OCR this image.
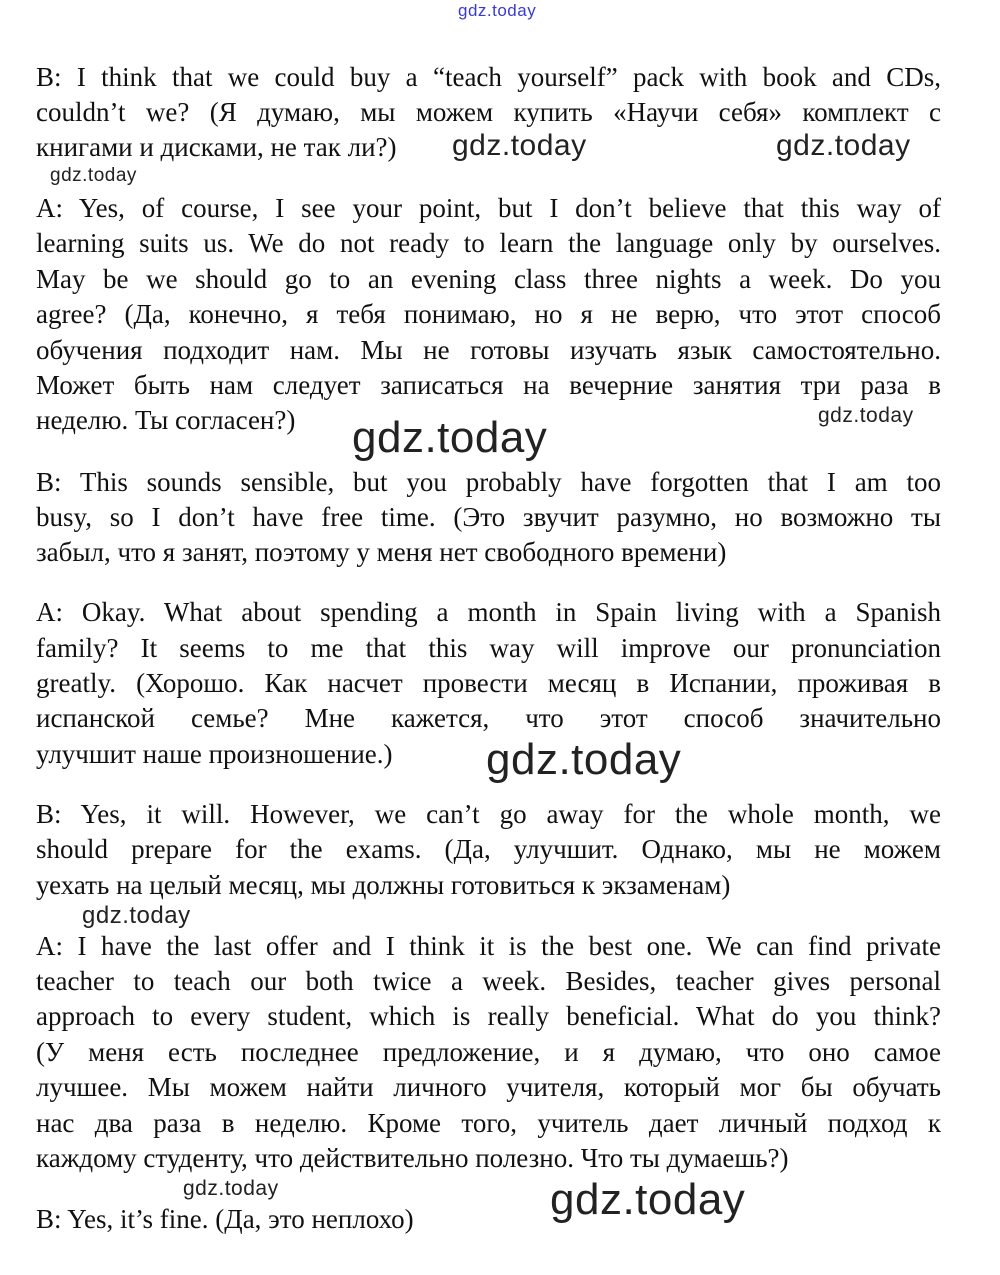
gdz.today
B: I think that we could buy a “teach yourself” pack with book and CDs,
couldn’t we? (Я думаю, мы можем купить «Научи себя» комплект с
книгами и дисками, не так ли?)
A: Yes, of course, I see your point, but I don’t believe that this way of
learning suits us. We do not ready to learn the language only by ourselves.
May be we should go to an evening class three nights a week. Do you
agree? (Да, конечно, я тебя понимаю, но я не верю, что этот способ
обучения подходит нам. Мы не готовы изучать язык самостоятельно.
Может быть нам следует записаться на вечерние занятия три раза в
неделю. Ты согласен?)
B: This sounds sensible, but you probably have forgotten that I am too
busy, so I don’t have free time. (Это звучит разумно, но возможно ты
забыл, что я занят, поэтому у меня нет свободного времени)
A: Okay. What about spending a month in Spain living with a Spanish
family? It seems to me that this way will improve our pronunciation
greatly. (Хорошо. Как насчет провести месяц в Испании, проживая в
испанской семье? Мне кажется, что этот способ значительно
улучшит наше произношение.)
B: Yes, it will. However, we can’t go away for the whole month, we
should prepare for the exams. (Да, улучшит. Однако, мы не можем
уехать на целый месяц, мы должны готовиться к экзаменам)
A: I have the last offer and I think it is the best one. We can find private
teacher to teach our both twice a week. Besides, teacher gives personal
approach to every student, which is really beneficial. What do you think?
(У меня есть последнее предложение, и я думаю, что оно самое
лучшее. Мы можем найти личного учителя, который мог бы обучать
нас два раза в неделю. Кроме того, учитель дает личный подход к
каждому студенту, что действительно полезно. Что ты думаешь?)
B: Yes, it’s fine. (Да, это неплохо)
gdz.today
gdz.today	gdz.today
gdz.today
gdz.today
gdz.today
gdz.today
gdz.today	gdz.today
